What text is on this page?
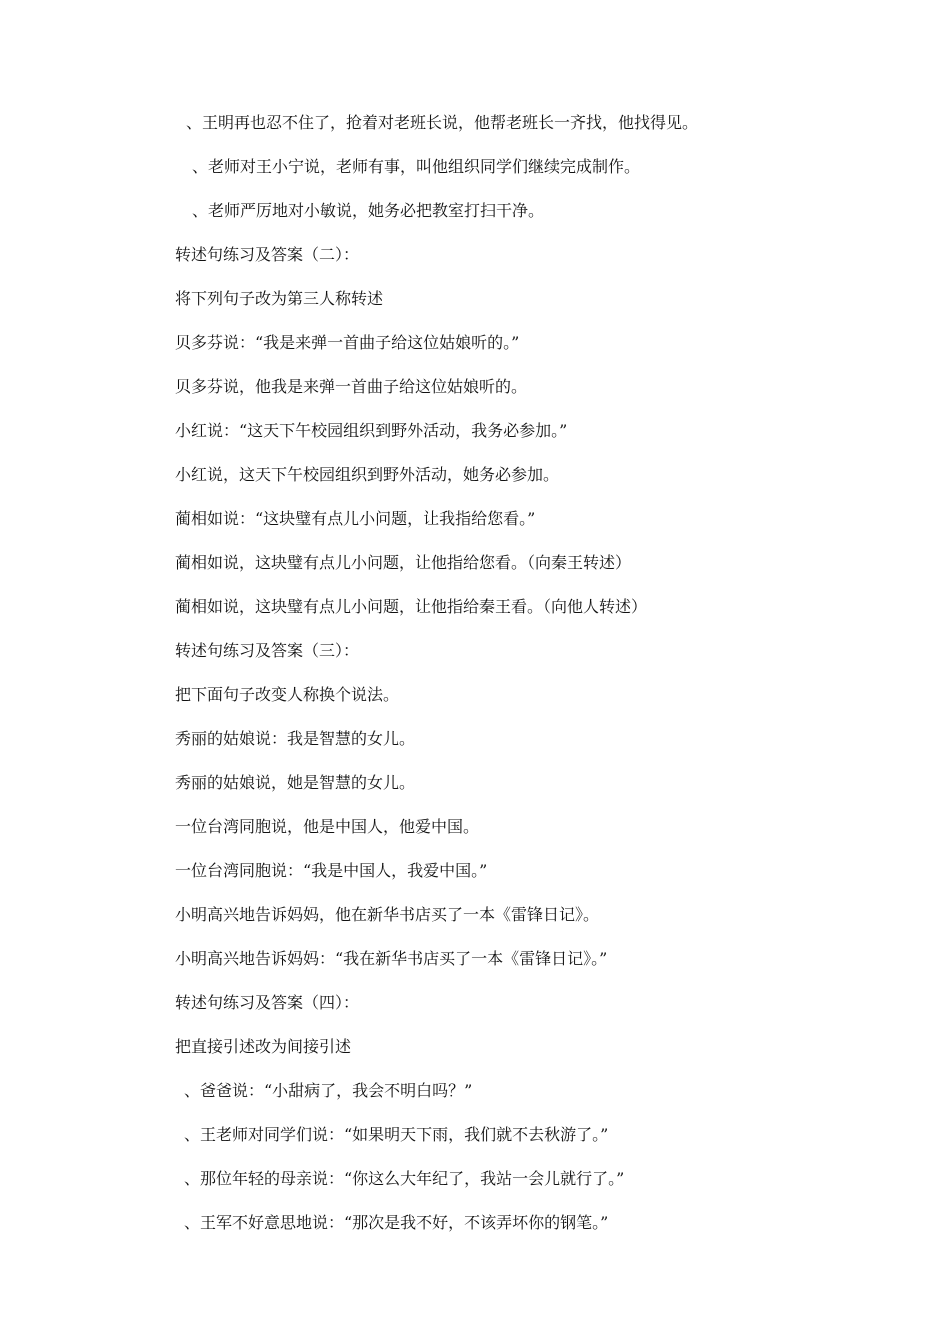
、王明再也忍不住了，抢着对老班长说，他帮老班长一齐找，他找得见。
、老师对王小宁说，老师有事，叫他组织同学们继续完成制作。
、老师严厉地对小敏说，她务必把教室打扫干净。
转述句练习及答案（二）：
将下列句子改为第三人称转述
贝多芬说：“我是来弹一首曲子给这位姑娘听的。”
贝多芬说，他我是来弹一首曲子给这位姑娘听的。
小红说：“这天下午校园组织到野外活动，我务必参加。”
小红说，这天下午校园组织到野外活动，她务必参加。
蔺相如说：“这块璧有点儿小问题，让我指给您看。”
蔺相如说，这块璧有点儿小问题，让他指给您看。（向秦王转述）
蔺相如说，这块璧有点儿小问题，让他指给秦王看。（向他人转述）
转述句练习及答案（三）：
把下面句子改变人称换个说法。
秀丽的姑娘说：我是智慧的女儿。
秀丽的姑娘说，她是智慧的女儿。
一位台湾同胞说，他是中国人，他爱中国。
一位台湾同胞说：“我是中国人，我爱中国。”
小明高兴地告诉妈妈，他在新华书店买了一本《雷锋日记》。
小明高兴地告诉妈妈：“我在新华书店买了一本《雷锋日记》。”
转述句练习及答案（四）：
把直接引述改为间接引述
、爸爸说：“小甜病了，我会不明白吗？”
、王老师对同学们说：“如果明天下雨，我们就不去秋游了。”
、那位年轻的母亲说：“你这么大年纪了，我站一会儿就行了。”
、王军不好意思地说：“那次是我不好，不该弄坏你的钢笔。”
